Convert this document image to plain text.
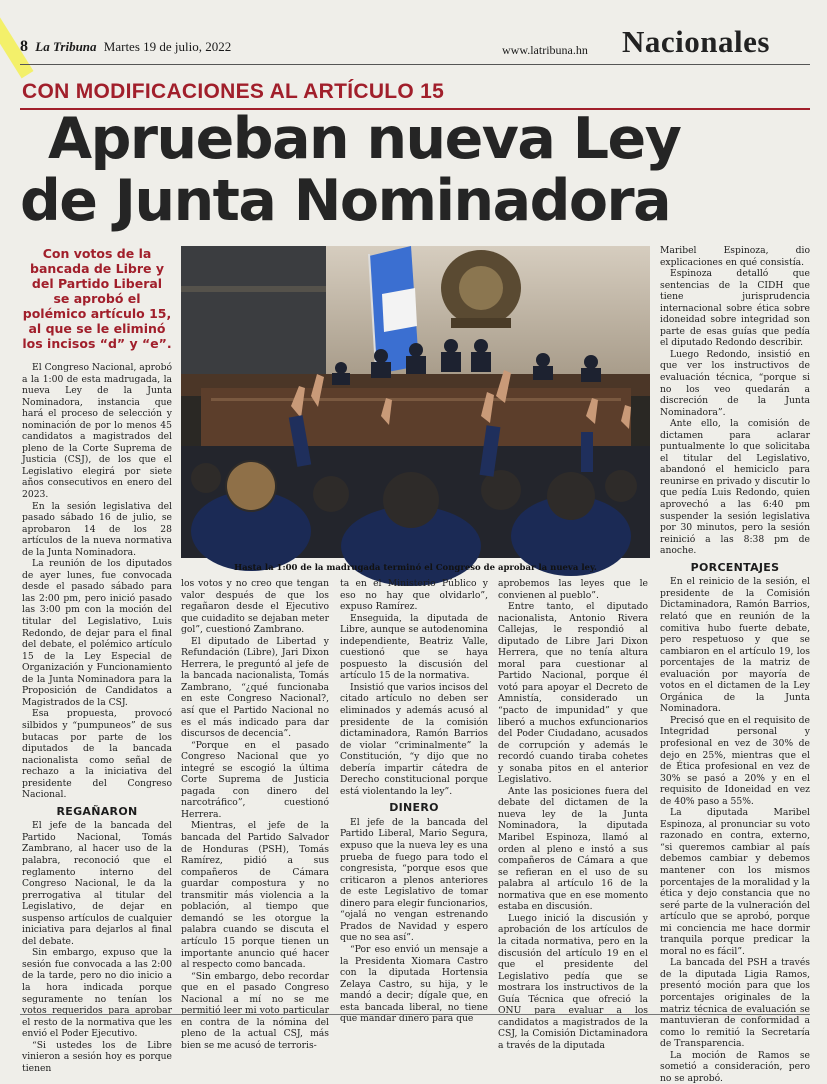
8 La Tribuna Martes 19 de julio, 2022	www.latribuna.hn Nacionales
CON MODIFICACIONES AL ARTÍCULO 15
Aprueban nueva Ley
de Junta Nominadora
Con votos de la bancada de Libre y del Partido Liberal se aprobó el polémico artículo 15, al que se le eliminó los incisos “d” y “e”.
Hasta la 1:00 de la madrugada terminó el Congreso de aprobar la nueva ley.

El Congreso Nacional, aprobó a la 1:00 de esta madrugada, la nueva Ley de la Junta Nominadora, instancia que hará el proceso de selección y nominación de por lo menos 45 candidatos a magistrados del pleno de la Corte Suprema de Justicia (CSJ), de los que el Legislativo elegirá por siete años consecutivos en enero del 2023.

En la sesión legislativa del pasado sábado 16 de julio, se aprobaron 14 de los 28 artículos de la nueva normativa de la Junta Nominadora.

La reunión de los diputados de ayer lunes, fue convocada desde el pasado sábado para las 2:00 pm, pero inició pasado las 3:00 pm con la moción del titular del Legislativo, Luis Redondo, de dejar para el final del debate, el polémico artículo 15 de la Ley Especial de Organización y Funcionamiento de la Junta Nominadora para la Proposición de Candidatos a Magistrados de la CSJ.

Esa propuesta, provocó silbidos y “pumpuneos” de sus butacas por parte de los diputados de la bancada nacionalista como señal de rechazo a la iniciativa del presidente del Congreso Nacional.

REGAÑARON

El jefe de la bancada del Partido Nacional, Tomás Zambrano, al hacer uso de la palabra, reconoció que el reglamento interno del Congreso Nacional, le da la prerrogativa al titular del Legislativo, de dejar en suspenso artículos de cualquier iniciativa para dejarlos al final del debate.

Sin embargo, expuso que la sesión fue convocada a las 2:00 de la tarde, pero no dio inicio a la hora indicada porque seguramente no tenían los votos requeridos para aprobar el resto de la normativa que les envió el Poder Ejecutivo.

“Si ustedes los de Libre vinieron a sesión hoy es porque tienen

los votos y no creo que tengan valor después de que los regañaron desde el Ejecutivo que cuidadito se dejaban meter gol”, cuestionó Zambrano.

El diputado de Libertad y Refundación (Libre), Jari Dixon Herrera, le preguntó al jefe de la bancada nacionalista, Tomás Zambrano, “¿qué funcionaba en este Congreso Nacional?, así que el Partido Nacional no es el más indicado para dar discursos de decencia”.

“Porque en el pasado Congreso Nacional que yo integré se escogió la última Corte Suprema de Justicia pagada con dinero del narcotráfico”, cuestionó Herrera.

Mientras, el jefe de la bancada del Partido Salvador de Honduras (PSH), Tomás Ramírez, pidió a sus compañeros de Cámara guardar compostura y no transmitir más violencia a la población, al tiempo que demandó se les otorgue la palabra cuando se discuta el artículo 15 porque tienen un importante anuncio qué hacer al respecto como bancada.

“Sin embargo, debo recordar que en el pasado Congreso Nacional a mí no se me permitió leer mi voto particular en contra de la nómina del pleno de la actual CSJ, más bien se me acusó de terroris-

ta en el Ministerio Público y eso no hay que olvidarlo”, expuso Ramírez.

Enseguida, la diputada de Libre, aunque se autodenomina independiente, Beatriz Valle, cuestionó que se haya pospuesto la discusión del artículo 15 de la normativa.

Insistió que varios incisos del citado artículo no deben ser eliminados y además acusó al presidente de la comisión dictaminadora, Ramón Barrios de violar “criminalmente” la Constitución, “y dijo que no debería impartir cátedra de Derecho constitucional porque está violentando la ley”.

DINERO

El jefe de la bancada del Partido Liberal, Mario Segura, expuso que la nueva ley es una prueba de fuego para todo el congresista, “porque esos que criticaron a plenos anteriores de este Legislativo de tomar dinero para elegir funcionarios, “ojalá no vengan estrenando Prados de Navidad y espero que no sea así”.

“Por eso envió un mensaje a la Presidenta Xiomara Castro con la diputada Hortensia Zelaya Castro, su hija, y le mandó a decir; dígale que, en esta bancada liberal, no tiene que mandar dinero para que

aprobemos las leyes que le convienen al pueblo”.

Entre tanto, el diputado nacionalista, Antonio Rivera Callejas, le respondió al diputado de Libre Jari Dixon Herrera, que no tenía altura moral para cuestionar al Partido Nacional, porque él votó para apoyar el Decreto de Amnistía, considerado un “pacto de impunidad” y que liberó a muchos exfuncionarios del Poder Ciudadano, acusados de corrupción y además le recordó cuando tiraba cohetes y sonaba pitos en el anterior Legislativo.

Ante las posiciones fuera del debate del dictamen de la nueva ley de la Junta Nominadora, la diputada Maribel Espinoza, llamó al orden al pleno e instó a sus compañeros de Cámara a que se refieran en el uso de su palabra al artículo 16 de la normativa que en ese momento estaba en discusión.

Luego inició la discusión y aprobación de los artículos de la citada normativa, pero en la discusión del artículo 19 en el que el presidente del Legislativo pedía que se mostrara los instructivos de la Guía Técnica que ofreció la ONU para evaluar a los candidatos a magistrados de la CSJ, la Comisión Dictaminadora a través de la diputada

Maribel Espinoza, dio explicaciones en qué consistía.

Espinoza detalló que sentencias de la CIDH que tiene jurisprudencia internacional sobre ética sobre idoneidad sobre integridad son parte de esas guías que pedía el diputado Redondo describir.

Luego Redondo, insistió en que ver los instructivos de evaluación técnica, “porque si no los veo quedarán a discreción de la Junta Nominadora”.

Ante ello, la comisión de dictamen para aclarar puntualmente lo que solicitaba el titular del Legislativo, abandonó el hemiciclo para reunirse en privado y discutir lo que pedía Luis Redondo, quien aprovechó a las 6:40 pm suspender la sesión legislativa por 30 minutos, pero la sesión reinició a las 8:38 pm de anoche.

PORCENTAJES

En el reinicio de la sesión, el presidente de la Comisión Dictaminadora, Ramón Barrios, relató que en reunión de la comitiva hubo fuerte debate, pero respetuoso y que se cambiaron en el artículo 19, los porcentajes de la matriz de evaluación por mayoría de votos en el dictamen de la Ley Orgánica de la Junta Nominadora.

Precisó que en el requisito de Integridad personal y profesional en vez de 30% de dejo en 25%, mientras que el de Ética profesional en vez de 30% se pasó a 20% y en el requisito de Idoneidad en vez de 40% paso a 55%.

La diputada Maribel Espinoza, al pronunciar su voto razonado en contra, externo, “si queremos cambiar al país debemos cambiar y debemos mantener con los mismos porcentajes de la moralidad y la ética y dejo constancia que no seré parte de la vulneración del artículo que se aprobó, porque mi conciencia me hace dormir tranquila porque predicar la moral no es fácil”.

La bancada del PSH a través de la diputada Ligia Ramos, presentó moción para que los porcentajes originales de la matriz técnica de evaluación se mantuvieran de conformidad a como lo remitió la Secretaría de Transparencia.

La moción de Ramos se sometió a consideración, pero no se aprobó.
